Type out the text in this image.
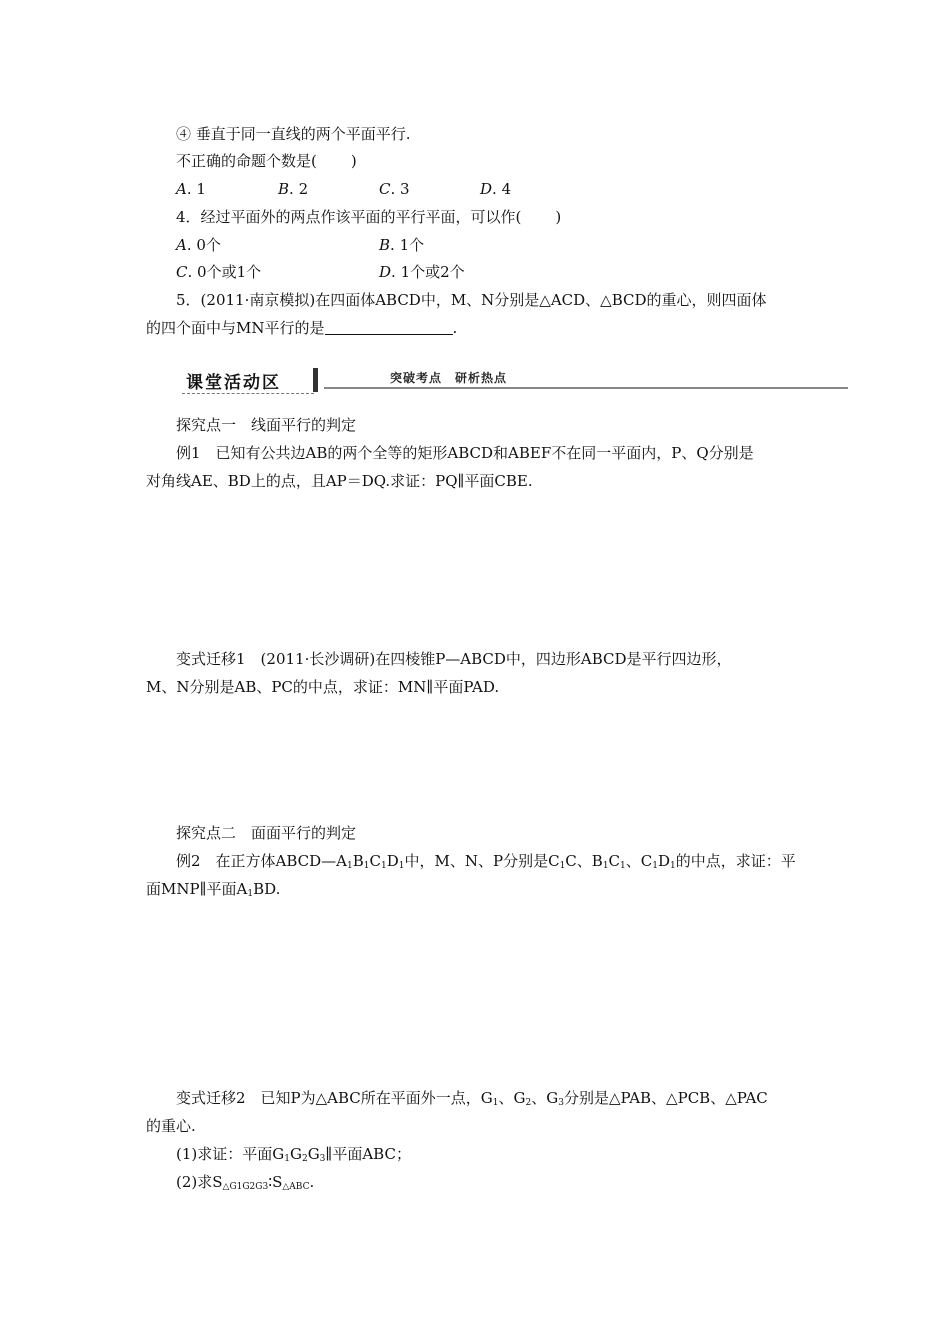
④ 垂直于同一直线的两个平面平行.
不正确的命题个数是( )
A. 1	B. 2	C. 3	D. 4
4．经过平面外的两点作该平面的平行平面，可以作( )
A. 0个	B. 1个
C. 0个或1个	D. 1个或2个
5．(2011·南京模拟)在四面体ABCD中，M、N分别是△ACD、△BCD的重心，则四面体
的四个面中与MN平行的是	.
课堂活动区	突破考点　研析热点
探究点一　线面平行的判定
例1　已知有公共边AB的两个全等的矩形ABCD和ABEF不在同一平面内，P、Q分别是
对角线AE、BD上的点，且AP＝DQ.求证：PQ∥平面CBE.
变式迁移1　(2011·长沙调研)在四棱锥P—ABCD中，四边形ABCD是平行四边形，
M、N分别是AB、PC的中点，求证：MN∥平面PAD.
探究点二　面面平行的判定
例2　在正方体$ABCD—A_1B_1C_1D_1$中，M、N、P分别是$C_1C$、$B_1C_1$、$C_1D_1$的中点，求证：平
面MNP∥平面$A_1BD$.
变式迁移2　已知P为△ABC所在平面外一点，$G_1$、$G_2$、$G_3$分别是△PAB、△PCB、△PAC
的重心.
(1)求证：平面$G_1G_2G_3\parallel$平面ABC；
(2)求$S_{\triangle G1G2G3}∶S_{\triangle ABC}$.
